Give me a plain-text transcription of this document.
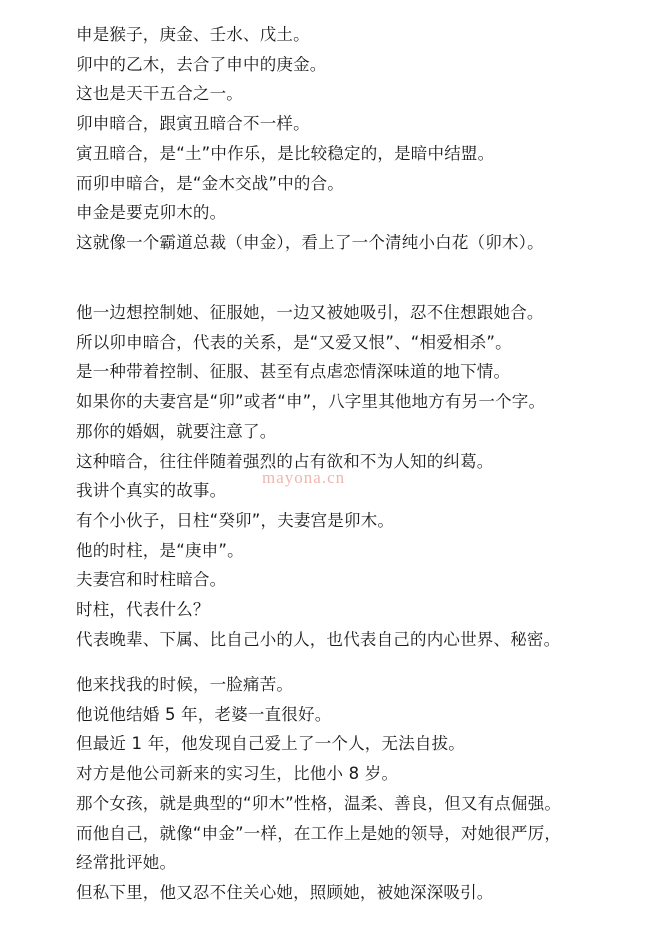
申是猴子，庚金、壬水、戊土。
卯中的乙木，去合了申中的庚金。
这也是天干五合之一。
卯申暗合，跟寅丑暗合不一样。
寅丑暗合，是“土”中作乐，是比较稳定的，是暗中结盟。
而卯申暗合，是“金木交战”中的合。
申金是要克卯木的。
这就像一个霸道总裁（申金），看上了一个清纯小白花（卯木）。
他一边想控制她、征服她，一边又被她吸引，忍不住想跟她合。
所以卯申暗合，代表的关系，是“又爱又恨”、“相爱相杀”。
是一种带着控制、征服、甚至有点虐恋情深味道的地下情。
如果你的夫妻宫是“卯”或者“申”，八字里其他地方有另一个字。
那你的婚姻，就要注意了。
这种暗合，往往伴随着强烈的占有欲和不为人知的纠葛。
我讲个真实的故事。
有个小伙子，日柱“癸卯”，夫妻宫是卯木。
他的时柱，是“庚申”。
夫妻宫和时柱暗合。
时柱，代表什么？
代表晚辈、下属、比自己小的人，也代表自己的内心世界、秘密。
他来找我的时候，一脸痛苦。
他说他结婚 5 年，老婆一直很好。
但最近 1 年，他发现自己爱上了一个人，无法自拔。
对方是他公司新来的实习生，比他小 8 岁。
那个女孩，就是典型的“卯木”性格，温柔、善良，但又有点倔强。
而他自己，就像“申金”一样，在工作上是她的领导，对她很严厉，
经常批评她。
但私下里，他又忍不住关心她，照顾她，被她深深吸引。
mayona.cn
